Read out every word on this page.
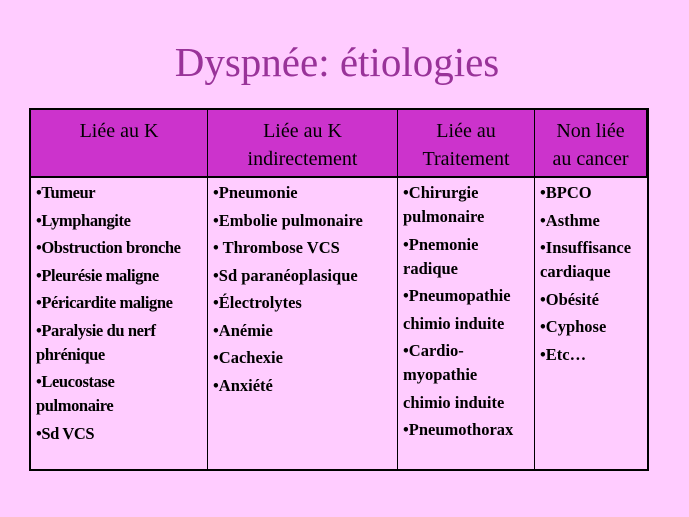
Dyspnée: étiologies
Liée au K	Liée au K
indirectement
Liée au
Traitement
Non liée
au cancer
•Tumeur
•Lymphangite
•Obstruction bronche
•Pleurésie maligne
•Péricardite maligne
•Paralysie du nerf
phrénique
•Leucostase
pulmonaire
•Sd VCS
•Pneumonie
•Embolie pulmonaire
• Thrombose VCS
•Sd paranéoplasique
•Électrolytes
•Anémie
•Cachexie
•Anxiété
•Chirurgie
pulmonaire
•Pnemonie
radique
•Pneumopathie
chimio induite
•Cardio-
myopathie
chimio induite
•Pneumothorax
•BPCO
•Asthme
•Insuffisance
cardiaque
•Obésité
•Cyphose
•Etc…
